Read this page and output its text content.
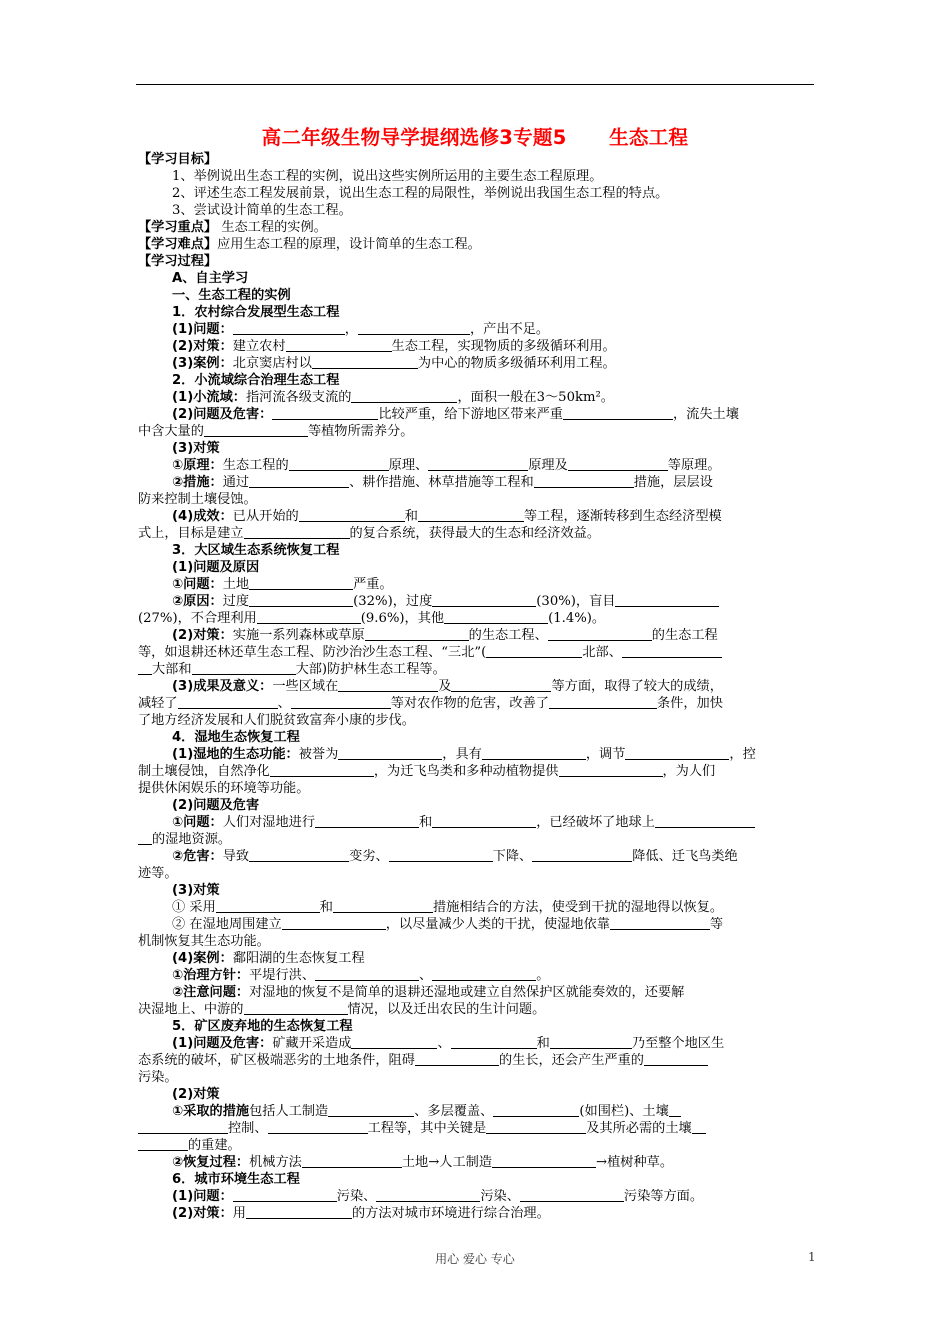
高二年级生物导学提纲选修3专题5      生态工程
【学习目标】
1、举例说出生态工程的实例，说出这些实例所运用的主要生态工程原理。
2、评述生态工程发展前景，说出生态工程的局限性，举例说出我国生态工程的特点。
3、尝试设计简单的生态工程。
【学习重点】 生态工程的实例。
【学习难点】应用生态工程的原理，设计简单的生态工程。
【学习过程】
A、自主学习
一、生态工程的实例
1．农村综合发展型生态工程
(1)问题：	，	，产出不足。
(2)对策：建立农村	生态工程，实现物质的多级循环利用。
(3)案例：北京窦店村以	为中心的物质多级循环利用工程。
2．小流域综合治理生态工程
(1)小流域：指河流各级支流的	，面积一般在3～50km²。
(2)问题及危害：	比较严重，给下游地区带来严重	，流失土壤
中含大量的	等植物所需养分。
(3)对策
①原理：生态工程的	原理、	原理及	等原理。
②措施：通过	、耕作措施、林草措施等工程和	措施，层层设
防来控制土壤侵蚀。
(4)成效：已从开始的	和	等工程，逐渐转移到生态经济型模
式上，目标是建立	的复合系统，获得最大的生态和经济效益。
3．大区域生态系统恢复工程
(1)问题及原因
①问题：土地	严重。
②原因：过度	(32%)，过度	(30%)，盲目
(27%)，不合理利用	(9.6%)，其他	(1.4%)。
(2)对策：实施一系列森林或草原	的生态工程、	的生态工程
等，如退耕还林还草生态工程、防沙治沙生态工程、“三北”(	北部、
大部和	大部)防护林生态工程等。
(3)成果及意义：一些区域在	及	等方面，取得了较大的成绩，
减轻了	、	等对农作物的危害，改善了	条件，加快
了地方经济发展和人们脱贫致富奔小康的步伐。
4．湿地生态恢复工程
(1)湿地的生态功能：被誉为	，具有	，调节	，控
制土壤侵蚀，自然净化	，为迁飞鸟类和多种动植物提供	，为人们
提供休闲娱乐的环境等功能。
(2)问题及危害
①问题：人们对湿地进行	和	，已经破坏了地球上
的湿地资源。
②危害：导致	变劣、	下降、	降低、迁飞鸟类绝
迹等。
(3)对策
① 采用	和	措施相结合的方法，使受到干扰的湿地得以恢复。
② 在湿地周围建立	，以尽量减少人类的干扰，使湿地依靠	等
机制恢复其生态功能。
(4)案例：鄱阳湖的生态恢复工程
①治理方针：平堤行洪、	、	。
②注意问题：对湿地的恢复不是简单的退耕还湿地或建立自然保护区就能奏效的，还要解
决湿地上、中游的	情况，以及迁出农民的生计问题。
5．矿区废弃地的生态恢复工程
(1)问题及危害：矿藏开采造成	、	和	乃至整个地区生
态系统的破坏，矿区极端恶劣的土地条件，阻碍	的生长，还会产生严重的
污染。
(2)对策
①采取的措施包括人工制造	、多层覆盖、	(如围栏)、土壤
控制、	工程等，其中关键是	及其所必需的土壤
的重建。
②恢复过程：机械方法	土地→人工制造	→植树种草。
6．城市环境生态工程
(1)问题：	污染、	污染、	污染等方面。
(2)对策：用	的方法对城市环境进行综合治理。
用心 爱心 专心	1
